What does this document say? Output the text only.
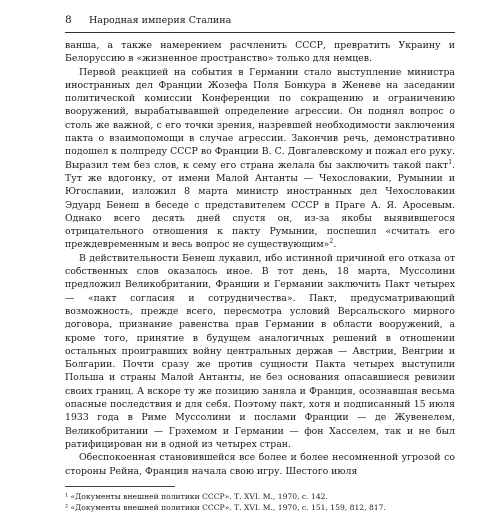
8	Народная империя Сталина

ванша, а также намерением расчленить СССР, превратить Украину и Белоруссию в «жизненное пространство» только для немцев.

Первой реакцией на события в Германии стало выступление министра иностранных дел Франции Жозефа Поля Бонкура в Женеве на заседании политической комиссии Конференции по сокращению и ограничению вооружений, вырабатывавшей определение агрессии. Он поднял вопрос о столь же важной, с его точки зрения, назревшей необходимости заключения пакта о взаимопомощи в случае агрессии. Закончив речь, демонстративно подошел к полпреду СССР во Франции В. С. Довгалевскому и пожал его руку. Выразил тем без слов, к сему его страна желала бы заключить такой пакт$^1$. Тут же вдогонку, от имени Малой Антанты — Чехословакии, Румынии и Югославии, изложил 8 марта министр иностранных дел Чехословакии Эдуард Бенеш в беседе с представителем СССР в Праге А. Я. Аросевым. Однако всего десять дней спустя он, из-за якобы выявившегося отрицательного отношения к пакту Румынии, поспешил «считать его преждевременным и весь вопрос не существующим»$^2$.

В действительности Бенеш лукавил, ибо истинной причиной его отказа от собственных слов оказалось иное. В тот день, 18 марта, Муссолини предложил Великобритании, Франции и Германии заключить Пакт четырех — «пакт согласия и сотрудничества». Пакт, предусматривающий возможность, прежде всего, пересмотра условий Версальского мирного договора, признание равенства прав Германии в области вооружений, а кроме того, принятие в будущем аналогичных решений в отношении остальных проигравших войну центральных держав — Австрии, Венгрии и Болгарии. Почти сразу же против сущности Пакта четырех выступили Польша и страны Малой Антанты, не без основания опасавшиеся ревизии своих границ. А вскоре ту же позицию заняла и Франция, осознавшая весьма опасные последствия и для себя. Поэтому пакт, хотя и подписанный 15 июля 1933 года в Риме Муссолини и послами Франции — де Жувенелем, Великобритании — Грэхемом и Германии — фон Хасселем, так и не был ратифицирован ни в одной из четырех стран.

Обеспокоенная становившейся все более и более несомненной угрозой со стороны Рейна, Франция начала свою игру. Шестого июля

¹ «Документы внешней политики СССР». Т. XVI. М., 1970, с. 142.
² «Документы внешней политики СССР». Т. XVI. М., 1970, с. 151, 159, 812, 817.
